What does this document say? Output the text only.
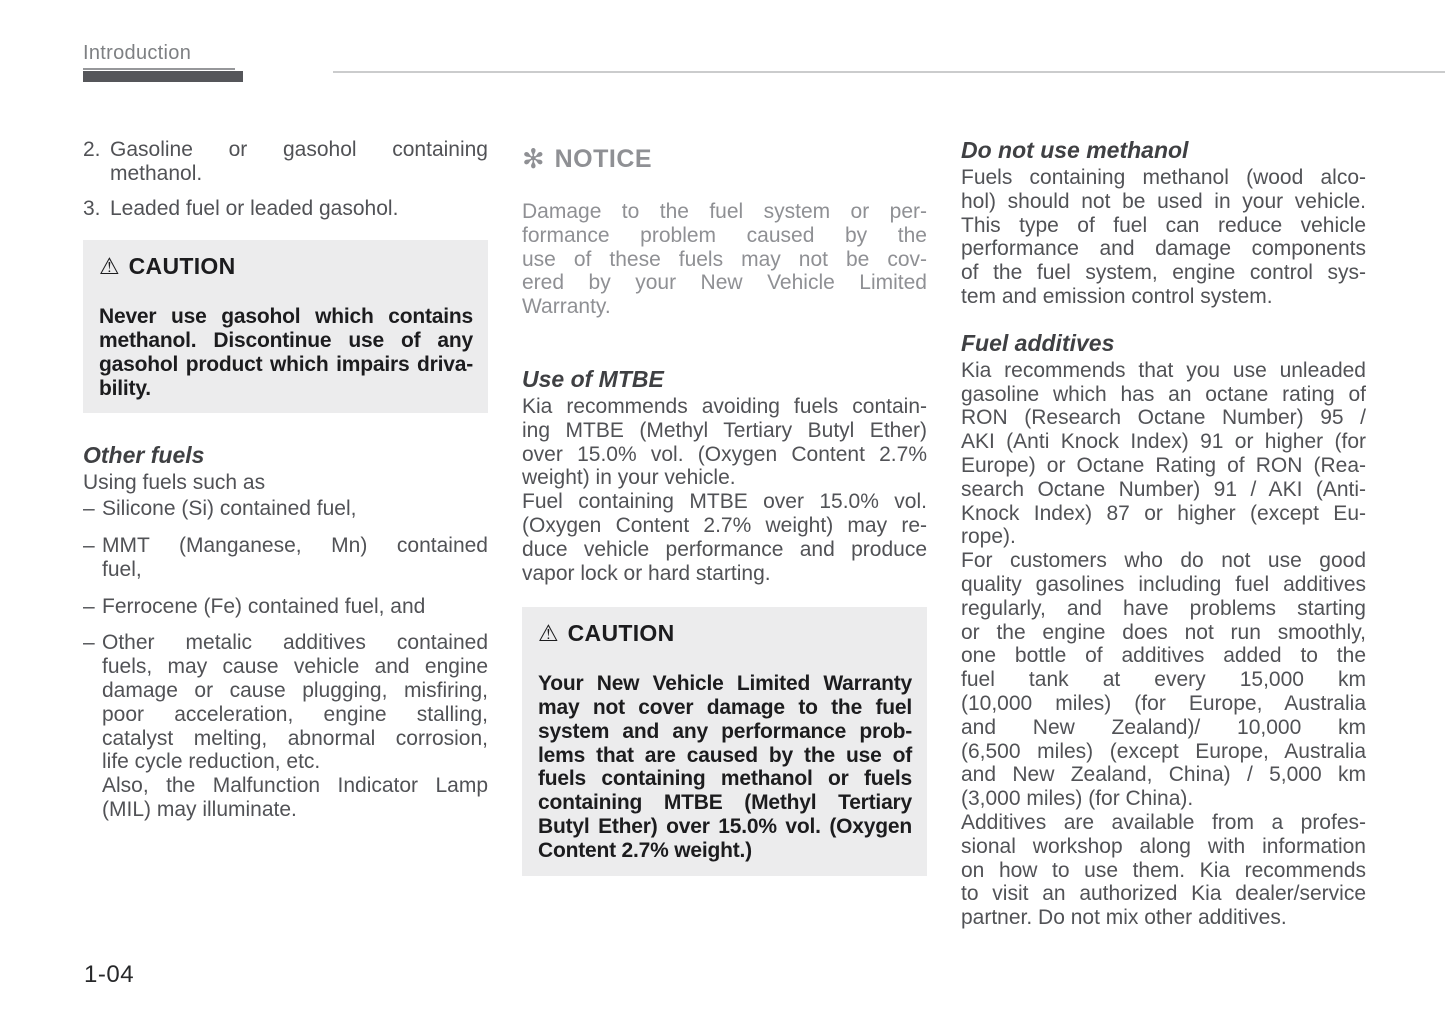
Introduction
2. Gasoline or gasohol containing
methanol.
3. Leaded fuel or leaded gasohol.
⚠ CAUTION
Never use gasohol which contains
methanol. Discontinue use of any
gasohol product which impairs driva-
bility.
Other fuels
Using fuels such as
– Silicone (Si) contained fuel,
– MMT (Manganese, Mn) contained
fuel,
– Ferrocene (Fe) contained fuel, and
– Other metalic additives contained
fuels, may cause vehicle and engine
damage or cause plugging, misfiring,
poor acceleration, engine stalling,
catalyst melting, abnormal corrosion,
life cycle reduction, etc.
Also, the Malfunction Indicator Lamp
(MIL) may illuminate.
✻ NOTICE
Damage to the fuel system or per-
formance problem caused by the
use of these fuels may not be cov-
ered by your New Vehicle Limited
Warranty.
Use of MTBE
Kia recommends avoiding fuels contain-
ing MTBE (Methyl Tertiary Butyl Ether)
over 15.0% vol. (Oxygen Content 2.7%
weight) in your vehicle.
Fuel containing MTBE over 15.0% vol.
(Oxygen Content 2.7% weight) may re-
duce vehicle performance and produce
vapor lock or hard starting.
⚠ CAUTION
Your New Vehicle Limited Warranty
may not cover damage to the fuel
system and any performance prob-
lems that are caused by the use of
fuels containing methanol or fuels
containing MTBE (Methyl Tertiary
Butyl Ether) over 15.0% vol. (Oxygen
Content 2.7% weight.)
Do not use methanol
Fuels containing methanol (wood alco-
hol) should not be used in your vehicle.
This type of fuel can reduce vehicle
performance and damage components
of the fuel system, engine control sys-
tem and emission control system.
Fuel additives
Kia recommends that you use unleaded
gasoline which has an octane rating of
RON (Research Octane Number) 95 /
AKI (Anti Knock Index) 91 or higher (for
Europe) or Octane Rating of RON (Rea-
search Octane Number) 91 / AKI (Anti-
Knock Index) 87 or higher (except Eu-
rope).
For customers who do not use good
quality gasolines including fuel additives
regularly, and have problems starting
or the engine does not run smoothly,
one bottle of additives added to the
fuel tank at every 15,000 km
(10,000 miles) (for Europe, Australia
and New Zealand)/ 10,000 km
(6,500 miles) (except Europe, Australia
and New Zealand, China) / 5,000 km
(3,000 miles) (for China).
Additives are available from a profes-
sional workshop along with information
on how to use them. Kia recommends
to visit an authorized Kia dealer/service
partner. Do not mix other additives.
1-04
